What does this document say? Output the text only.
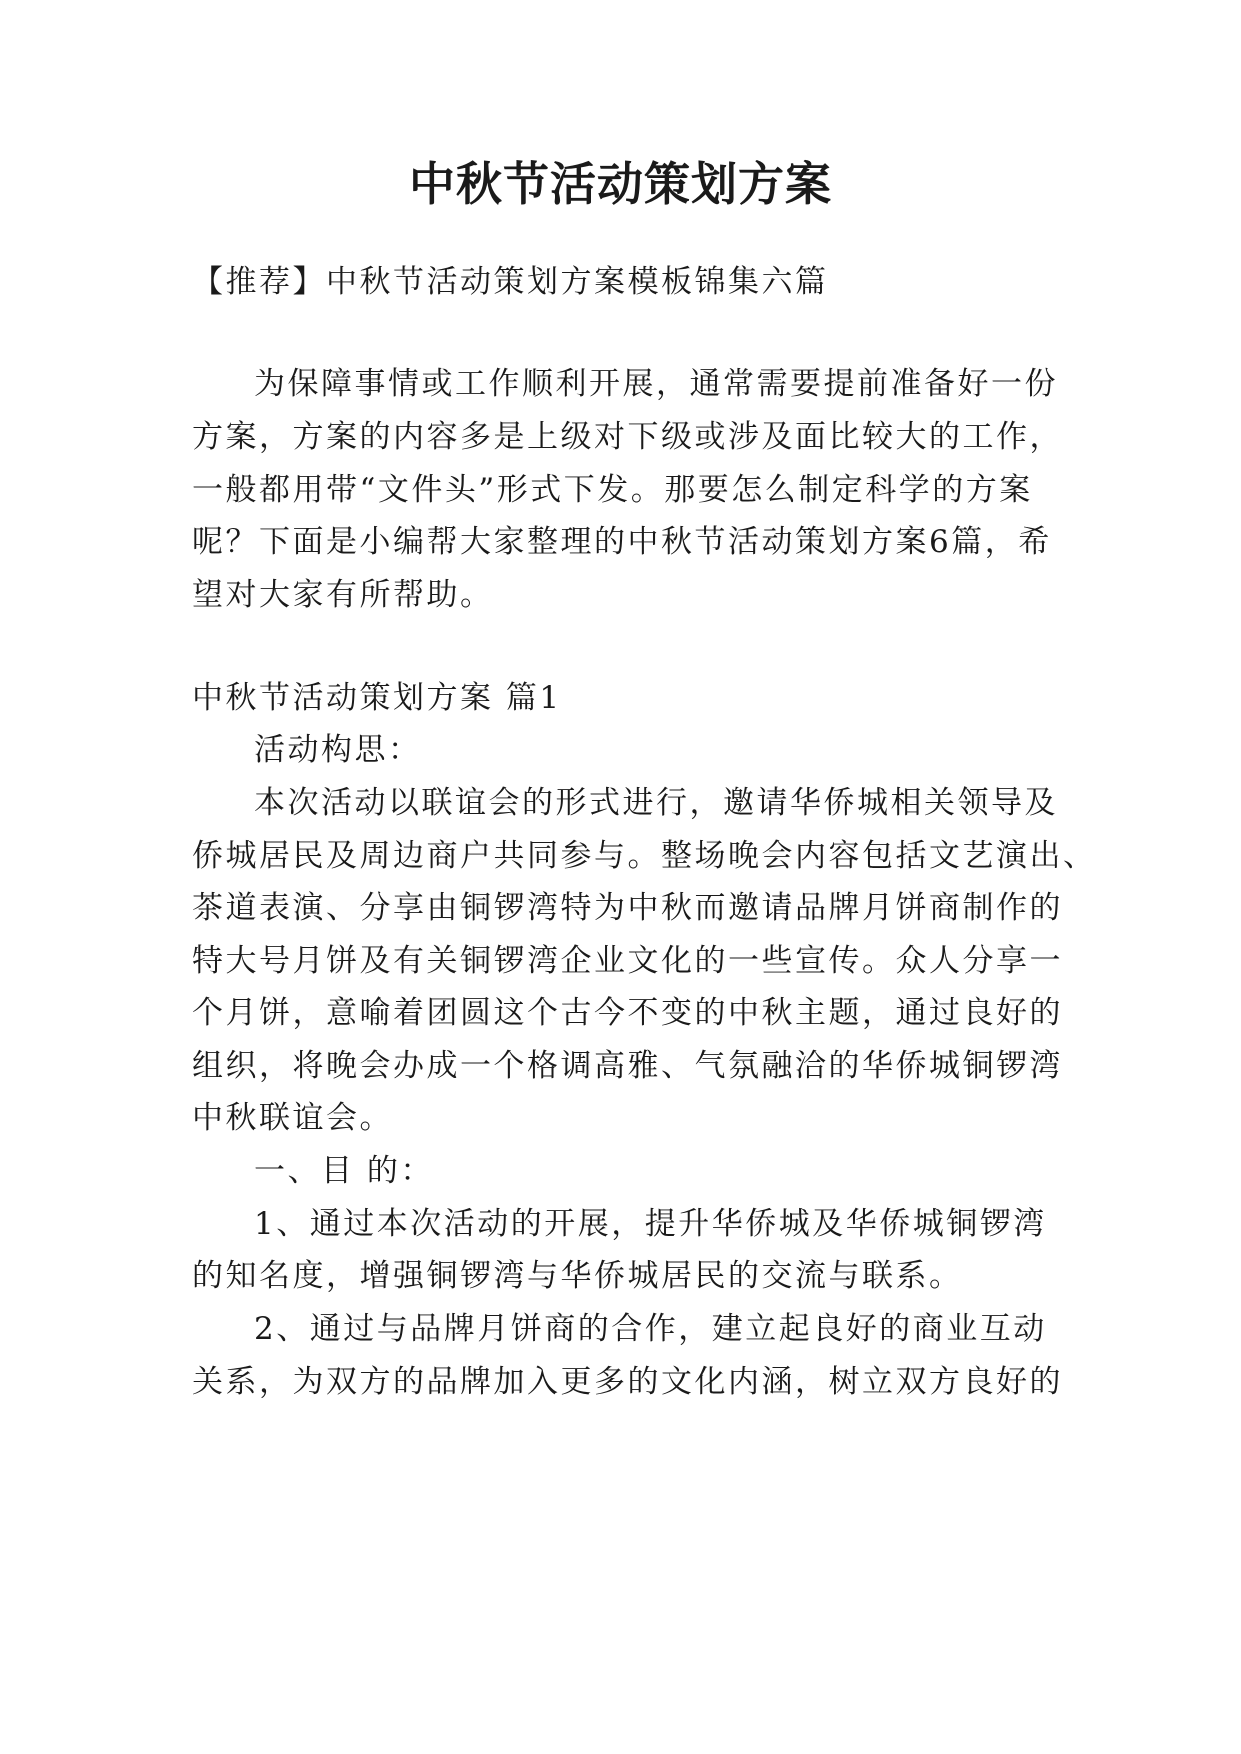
中秋节活动策划方案
【推荐】中秋节活动策划方案模板锦集六篇
为保障事情或工作顺利开展，通常需要提前准备好一份
方案，方案的内容多是上级对下级或涉及面比较大的工作，
一般都用带“文件头”形式下发。那要怎么制定科学的方案
呢？下面是小编帮大家整理的中秋节活动策划方案6篇，希
望对大家有所帮助。
中秋节活动策划方案 篇1
活动构思：
本次活动以联谊会的形式进行，邀请华侨城相关领导及
侨城居民及周边商户共同参与。整场晚会内容包括文艺演出、
茶道表演、分享由铜锣湾特为中秋而邀请品牌月饼商制作的
特大号月饼及有关铜锣湾企业文化的一些宣传。众人分享一
个月饼，意喻着团圆这个古今不变的中秋主题，通过良好的
组织，将晚会办成一个格调高雅、气氛融洽的华侨城铜锣湾
中秋联谊会。
一、目 的：
1、通过本次活动的开展，提升华侨城及华侨城铜锣湾
的知名度，增强铜锣湾与华侨城居民的交流与联系。
2、通过与品牌月饼商的合作，建立起良好的商业互动
关系，为双方的品牌加入更多的文化内涵，树立双方良好的
